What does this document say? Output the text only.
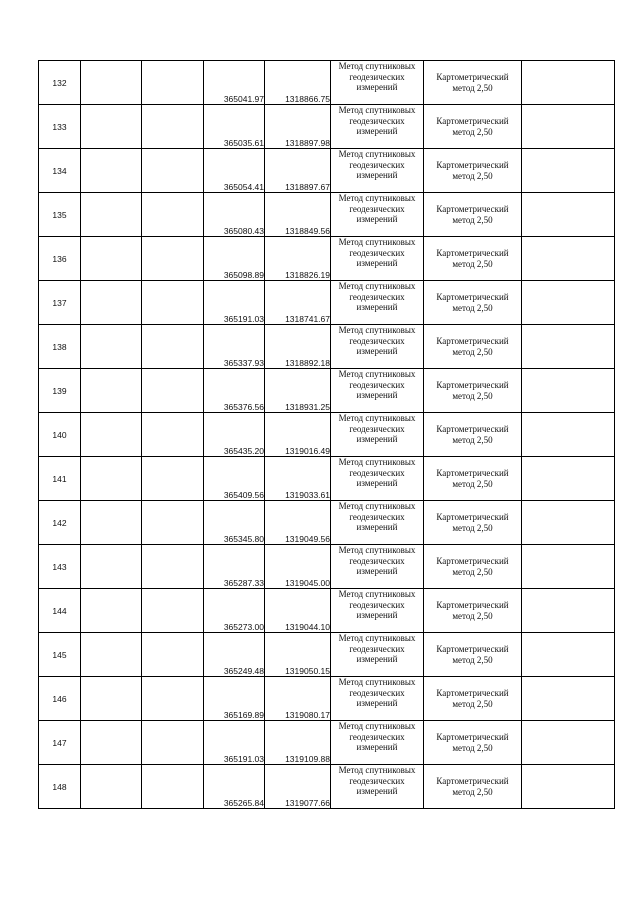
132			365041.97	1318866.75	Метод спутниковых
геодезических
измерений	Картометрический
метод 2,50	

133			365035.61	1318897.98	Метод спутниковых
геодезических
измерений	Картометрический
метод 2,50	

134			365054.41	1318897.67	Метод спутниковых
геодезических
измерений	Картометрический
метод 2,50	

135			365080.43	1318849.56	Метод спутниковых
геодезических
измерений	Картометрический
метод 2,50	

136			365098.89	1318826.19	Метод спутниковых
геодезических
измерений	Картометрический
метод 2,50	

137			365191.03	1318741.67	Метод спутниковых
геодезических
измерений	Картометрический
метод 2,50	

138			365337.93	1318892.18	Метод спутниковых
геодезических
измерений	Картометрический
метод 2,50	

139			365376.56	1318931.25	Метод спутниковых
геодезических
измерений	Картометрический
метод 2,50	

140			365435.20	1319016.49	Метод спутниковых
геодезических
измерений	Картометрический
метод 2,50	

141			365409.56	1319033.61	Метод спутниковых
геодезических
измерений	Картометрический
метод 2,50	

142			365345.80	1319049.56	Метод спутниковых
геодезических
измерений	Картометрический
метод 2,50	

143			365287.33	1319045.00	Метод спутниковых
геодезических
измерений	Картометрический
метод 2,50	

144			365273.00	1319044.10	Метод спутниковых
геодезических
измерений	Картометрический
метод 2,50	

145			365249.48	1319050.15	Метод спутниковых
геодезических
измерений	Картометрический
метод 2,50	

146			365169.89	1319080.17	Метод спутниковых
геодезических
измерений	Картометрический
метод 2,50	

147			365191.03	1319109.88	Метод спутниковых
геодезических
измерений	Картометрический
метод 2,50	

148			365265.84	1319077.66	Метод спутниковых
геодезических
измерений	Картометрический
метод 2,50	
